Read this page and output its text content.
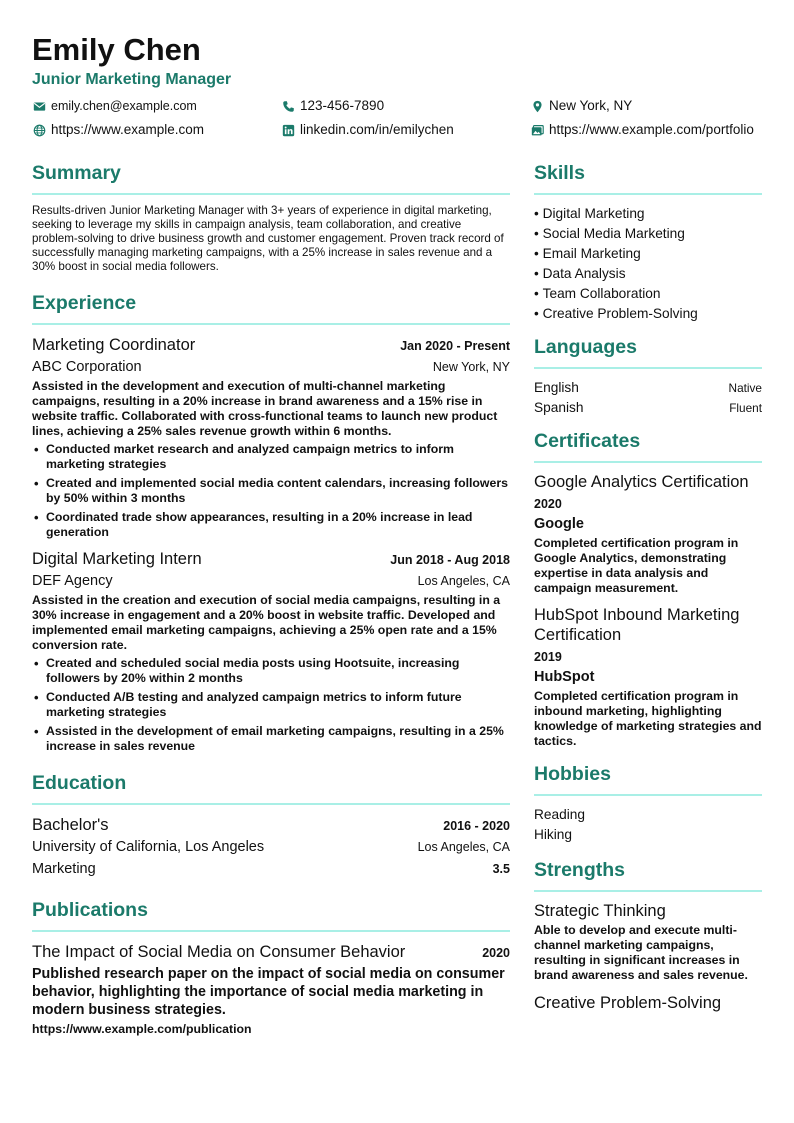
Emily Chen
Junior Marketing Manager
emily.chen@example.com	123-456-7890	New York, NY
https://www.example.com	linkedin.com/in/emilychen	https://www.example.com/portfolio
Summary

Results-driven Junior Marketing Manager with 3+ years of experience in digital marketing, seeking to leverage my skills in campaign analysis, team collaboration, and creative problem-solving to drive business growth and customer engagement. Proven track record of successfully managing marketing campaigns, with a 25% increase in sales revenue and a 30% boost in social media followers.

Experience
Marketing Coordinator	Jan 2020 - Present
ABC Corporation	New York, NY
Assisted in the development and execution of multi-channel marketing campaigns, resulting in a 20% increase in brand awareness and a 15% rise in website traffic. Collaborated with cross-functional teams to launch new product lines, achieving a 25% sales revenue growth within 6 months.
• Conducted market research and analyzed campaign metrics to inform marketing strategies
• Created and implemented social media content calendars, increasing followers by 50% within 3 months
• Coordinated trade show appearances, resulting in a 20% increase in lead generation
Digital Marketing Intern	Jun 2018 - Aug 2018
DEF Agency	Los Angeles, CA
Assisted in the creation and execution of social media campaigns, resulting in a 30% increase in engagement and a 20% boost in website traffic. Developed and implemented email marketing campaigns, achieving a 25% open rate and a 15% conversion rate.
• Created and scheduled social media posts using Hootsuite, increasing followers by 20% within 2 months
• Conducted A/B testing and analyzed campaign metrics to inform future marketing strategies
• Assisted in the development of email marketing campaigns, resulting in a 25% increase in sales revenue
Education
Bachelor's	2016 - 2020
University of California, Los Angeles	Los Angeles, CA
Marketing	3.5
Publications
The Impact of Social Media on Consumer Behavior	2020
Published research paper on the impact of social media on consumer behavior, highlighting the importance of social media marketing in modern business strategies.
https://www.example.com/publication
Skills
• Digital Marketing
• Social Media Marketing
• Email Marketing
• Data Analysis
• Team Collaboration
• Creative Problem-Solving
Languages
English	Native
Spanish	Fluent
Certificates
Google Analytics Certification
2020
Google
Completed certification program in Google Analytics, demonstrating expertise in data analysis and campaign measurement.
HubSpot Inbound Marketing Certification
2019
HubSpot
Completed certification program in inbound marketing, highlighting knowledge of marketing strategies and tactics.
Hobbies
Reading
Hiking
Strengths
Strategic Thinking
Able to develop and execute multi-channel marketing campaigns, resulting in significant increases in brand awareness and sales revenue.
Creative Problem-Solving
